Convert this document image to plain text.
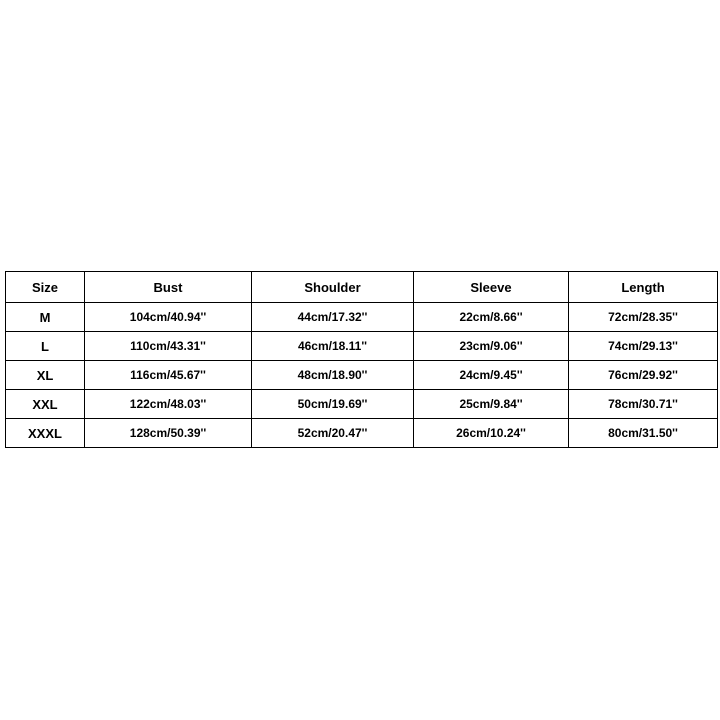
Size	Bust	Shoulder	Sleeve	Length
M	104cm/40.94''	44cm/17.32''	22cm/8.66''	72cm/28.35''
L	110cm/43.31''	46cm/18.11''	23cm/9.06''	74cm/29.13''
XL	116cm/45.67''	48cm/18.90''	24cm/9.45''	76cm/29.92''
XXL	122cm/48.03''	50cm/19.69''	25cm/9.84''	78cm/30.71''
XXXL	128cm/50.39''	52cm/20.47''	26cm/10.24''	80cm/31.50''
